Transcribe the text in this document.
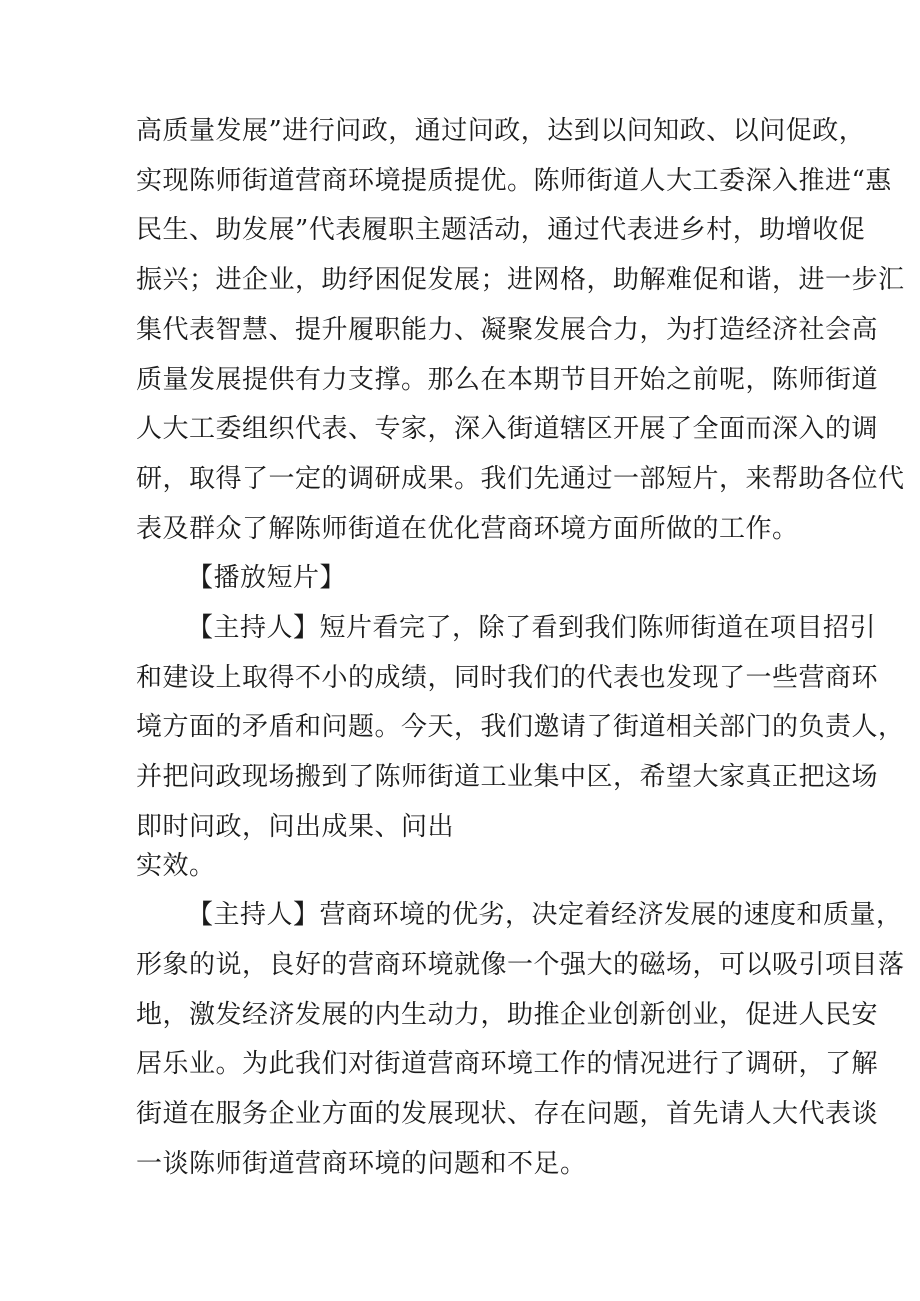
高质量发展”进行问政，通过问政，达到以问知政、以问促政，
实现陈师街道营商环境提质提优。陈师街道人大工委深入推进“惠
民生、助发展”代表履职主题活动，通过代表进乡村，助增收促
振兴；进企业，助纾困促发展；进网格，助解难促和谐，进一步汇
集代表智慧、提升履职能力、凝聚发展合力，为打造经济社会高
质量发展提供有力支撑。那么在本期节目开始之前呢，陈师街道
人大工委组织代表、专家，深入街道辖区开展了全面而深入的调
研，取得了一定的调研成果。我们先通过一部短片，来帮助各位代
表及群众了解陈师街道在优化营商环境方面所做的工作。
【播放短片】
【主持人】短片看完了，除了看到我们陈师街道在项目招引
和建设上取得不小的成绩，同时我们的代表也发现了一些营商环
境方面的矛盾和问题。今天，我们邀请了街道相关部门的负责人，
并把问政现场搬到了陈师街道工业集中区，希望大家真正把这场
即时问政，问出成果、问出
实效。
【主持人】营商环境的优劣，决定着经济发展的速度和质量，
形象的说，良好的营商环境就像一个强大的磁场，可以吸引项目落
地，激发经济发展的内生动力，助推企业创新创业，促进人民安
居乐业。为此我们对街道营商环境工作的情况进行了调研，了解
街道在服务企业方面的发展现状、存在问题，首先请人大代表谈
一谈陈师街道营商环境的问题和不足。
